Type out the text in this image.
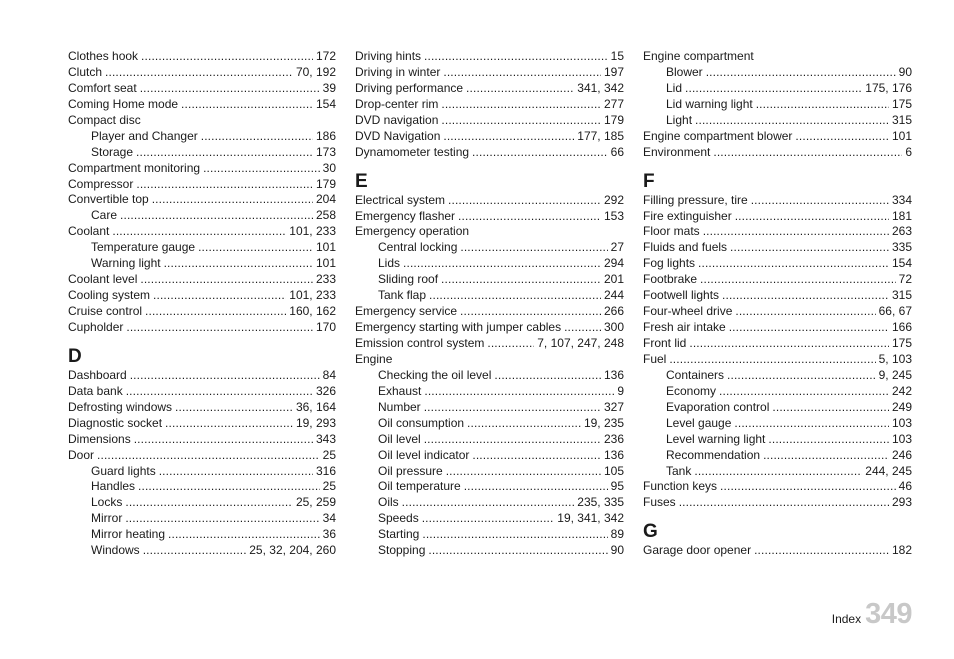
Clothes hook . . .	172
Clutch . . .	70, 192
Comfort seat . . .	39
Coming Home mode . . .	154
Compact disc
Player and Changer . . .	186
Storage . . .	173
Compartment monitoring . . .	30
Compressor . . .	179
Convertible top . . .	204
Care . . .	258
Coolant . . .	101, 233
Temperature gauge . . .	101
Warning light . . .	101
Coolant level . . .	233
Cooling system . . .	101, 233
Cruise control . . .	160, 162
Cupholder . . .	170
D
Dashboard . . .	84
Data bank . . .	326
Defrosting windows . . .	36, 164
Diagnostic socket . . .	19, 293
Dimensions . . .	343
Door . . .	25
Guard lights . . .	316
Handles . . .	25
Locks . . .	25, 259
Mirror . . .	34
Mirror heating . . .	36
Windows . . .	25, 32, 204, 260
Driving hints . . .	15
Driving in winter . . .	197
Driving performance . . .	341, 342
Drop-center rim . . .	277
DVD navigation . . .	179
DVD Navigation . . .	177, 185
Dynamometer testing . . .	66
E
Electrical system . . .	292
Emergency flasher . . .	153
Emergency operation
Central locking . . .	27
Lids . . .	294
Sliding roof . . .	201
Tank flap . . .	244
Emergency service . . .	266
Emergency starting with jumper cables . . .	300
Emission control system . . .	7, 107, 247, 248
Engine
Checking the oil level . . .	136
Exhaust . . .	9
Number . . .	327
Oil consumption . . .	19, 235
Oil level . . .	236
Oil level indicator . . .	136
Oil pressure . . .	105
Oil temperature . . .	95
Oils . . .	235, 335
Speeds . . .	19, 341, 342
Starting . . .	89
Stopping . . .	90
Engine compartment
Blower . . .	90
Lid . . .	175, 176
Lid warning light . . .	175
Light . . .	315
Engine compartment blower . . .	101
Environment . . .	6
F
Filling pressure, tire . . .	334
Fire extinguisher . . .	181
Floor mats . . .	263
Fluids and fuels . . .	335
Fog lights . . .	154
Footbrake . . .	72
Footwell lights . . .	315
Four-wheel drive . . .	66, 67
Fresh air intake . . .	166
Front lid . . .	175
Fuel . . .	5, 103
Containers . . .	9, 245
Economy . . .	242
Evaporation control . . .	249
Level gauge . . .	103
Level warning light . . .	103
Recommendation . . .	246
Tank . . .	244, 245
Function keys . . .	46
Fuses . . .	293
G
Garage door opener . . .	182
Index 349
